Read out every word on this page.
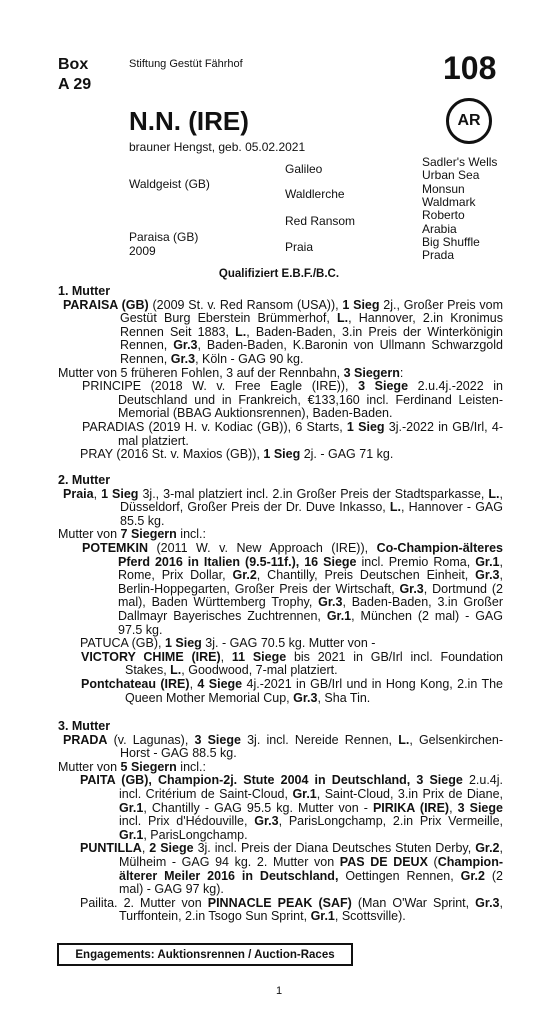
Box
A 29
Stiftung Gestüt Fährhof	108
N.N. (IRE)
brauner Hengst, geb. 05.02.2021
AR
Waldgeist (GB)
Paraisa (GB)
2009
Galileo
Waldlerche
Red Ransom
Praia
Sadler's Wells
Urban Sea
Monsun
Waldmark
Roberto
Arabia
Big Shuffle
Prada
Qualifiziert E.B.F./B.C.

1. Mutter

PARAISA (GB) (2009 St. v. Red Ransom (USA)), 1 Sieg 2j., Großer Preis vom Gestüt Burg Eberstein Brümmerhof, L., Hannover, 2.in Kronimus Rennen Seit 1883, L., Baden-Baden, 3.in Preis der Winterkönigin Rennen, Gr.3, Baden-Baden, K.Baronin von Ullmann Schwarzgold Rennen, Gr.3, Köln - GAG 90 kg.

Mutter von 5 früheren Fohlen, 3 auf der Rennbahn, 3 Siegern:

PRINCIPE (2018 W. v. Free Eagle (IRE)), 3 Siege 2.u.4j.-2022 in Deutschland und in Frankreich, €133,160 incl. Ferdinand Leisten-Memorial (BBAG Auktionsrennen), Baden-Baden.

PARADIAS (2019 H. v. Kodiac (GB)), 6 Starts, 1 Sieg 3j.-2022 in GB/Irl, 4-mal platziert.

PRAY (2016 St. v. Maxios (GB)), 1 Sieg 2j. - GAG 71 kg.

2. Mutter

Praia, 1 Sieg 3j., 3-mal platziert incl. 2.in Großer Preis der Stadtsparkasse, L., Düsseldorf, Großer Preis der Dr. Duve Inkasso, L., Hannover - GAG 85.5 kg.

Mutter von 7 Siegern incl.:

POTEMKIN (2011 W. v. New Approach (IRE)), Co-Champion-älteres Pferd 2016 in Italien (9.5-11f.), 16 Siege incl. Premio Roma, Gr.1, Rome, Prix Dollar, Gr.2, Chantilly, Preis Deutschen Einheit, Gr.3, Berlin-Hoppegarten, Großer Preis der Wirtschaft, Gr.3, Dortmund (2 mal), Baden Württemberg Trophy, Gr.3, Baden-Baden, 3.in Großer Dallmayr Bayerisches Zuchtrennen, Gr.1, München (2 mal) - GAG 97.5 kg.

PATUCA (GB), 1 Sieg 3j. - GAG 70.5 kg. Mutter von -

VICTORY CHIME (IRE), 11 Siege bis 2021 in GB/Irl incl. Foundation Stakes, L., Goodwood, 7-mal platziert.

Pontchateau (IRE), 4 Siege 4j.-2021 in GB/Irl und in Hong Kong, 2.in The Queen Mother Memorial Cup, Gr.3, Sha Tin.

3. Mutter

PRADA (v. Lagunas), 3 Siege 3j. incl. Nereide Rennen, L., Gelsenkirchen-Horst - GAG 88.5 kg.

Mutter von 5 Siegern incl.:

PAITA (GB), Champion-2j. Stute 2004 in Deutschland, 3 Siege 2.u.4j. incl. Critérium de Saint-Cloud, Gr.1, Saint-Cloud, 3.in Prix de Diane, Gr.1, Chantilly - GAG 95.5 kg. Mutter von - PIRIKA (IRE), 3 Siege incl. Prix d'Hédouville, Gr.3, ParisLongchamp, 2.in Prix Vermeille, Gr.1, ParisLongchamp.

PUNTILLA, 2 Siege 3j. incl. Preis der Diana Deutsches Stuten Derby, Gr.2, Mülheim - GAG 94 kg. 2. Mutter von PAS DE DEUX (Champion-älterer Meiler 2016 in Deutschland, Oettingen Rennen, Gr.2 (2 mal) - GAG 97 kg).

Pailita. 2. Mutter von PINNACLE PEAK (SAF) (Man O'War Sprint, Gr.3, Turffontein, 2.in Tsogo Sun Sprint, Gr.1, Scottsville).

Engagements: Auktionsrennen / Auction-Races
1
